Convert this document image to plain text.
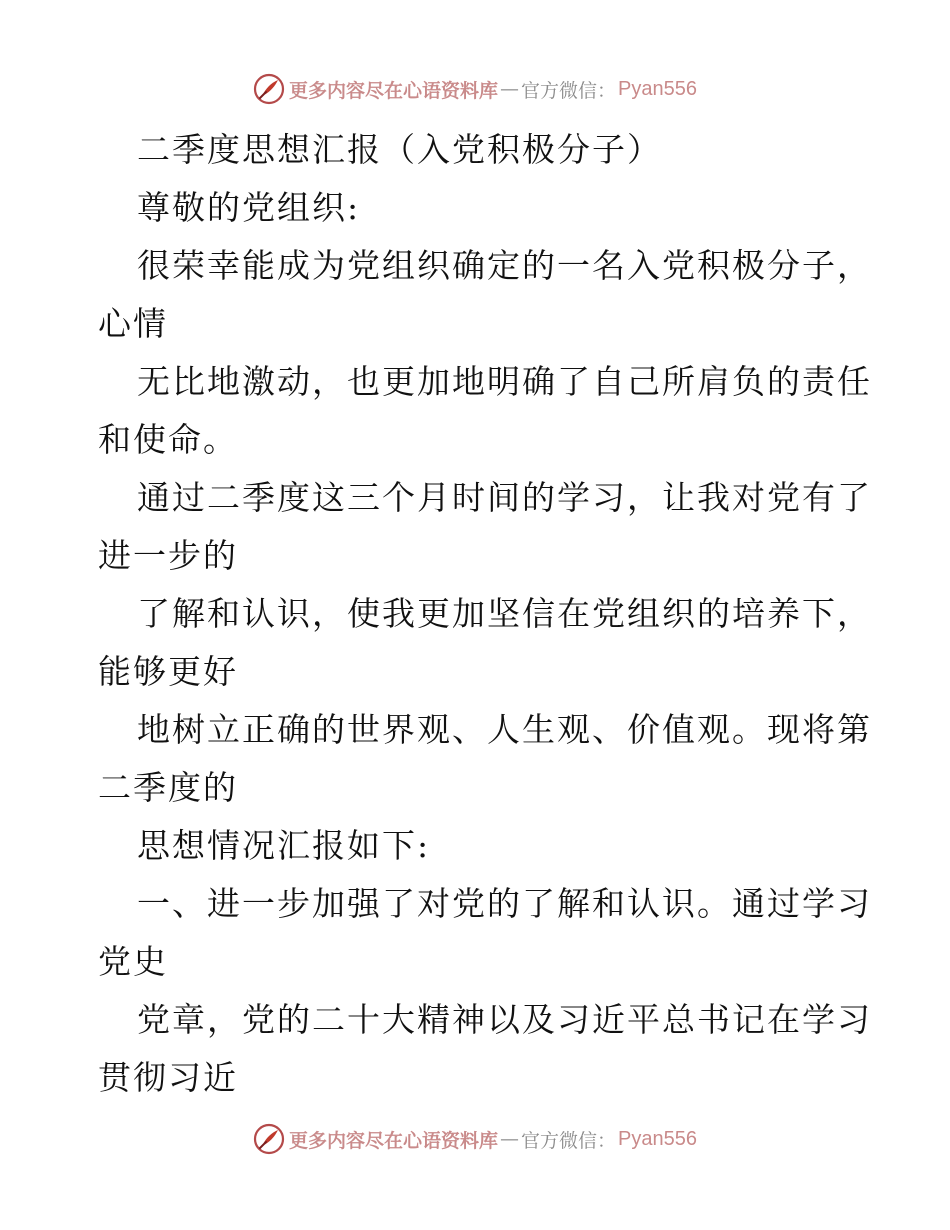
更多内容尽在心语资料库 — 官方微信： Pyan556
二季度思想汇报（入党积极分子）
尊敬的党组织:
很荣幸能成为党组织确定的一名入党积极分子，
心情
无比地激动，也更加地明确了自己所肩负的责任
和使命。
通过二季度这三个月时间的学习，让我对党有了
进一步的
了解和认识，使我更加坚信在党组织的培养下，
能够更好
地树立正确的世界观、人生观、价值观。现将第
二季度的
思想情况汇报如下:
一、进一步加强了对党的了解和认识。通过学习
党史
党章，党的二十大精神以及习近平总书记在学习
贯彻习近
更多内容尽在心语资料库 — 官方微信： Pyan556
